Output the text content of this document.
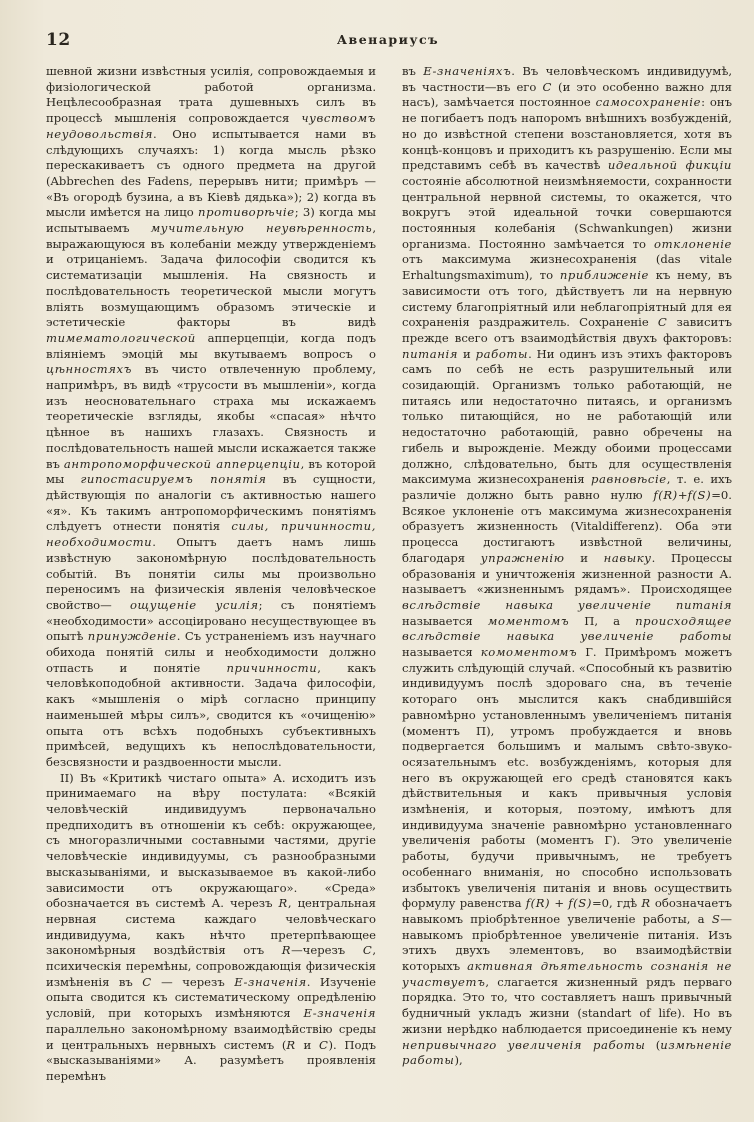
12	Авенариусъ

шевной жизни извѣстныя усилія, сопровождаемыя и физіологической работой организма. Нецѣлесообразная трата душевныхъ силъ въ процессѣ мышленія сопровождается чувствомъ неудовольствія. Оно испытывается нами въ слѣдующихъ случаяхъ: 1) когда мысль рѣзко перескакиваетъ съ одного предмета на другой (Abbrechen des Fadens, перерывъ нити; примѣръ — «Въ огородѣ бузина, а въ Кіевѣ дядька»); 2) когда въ мысли имѣется на лицо противорѣчіе; 3) когда мы испытываемъ мучительную неувѣренность, выражающуюся въ колебаніи между утвержденіемъ и отрицаніемъ. Задача философіи сводится къ систематизаціи мышленія. На связность и послѣдовательность теоретической мысли могутъ вліять возмущающимъ образомъ этическіе и эстетическіе факторы въ видѣ тимематологической апперцепціи, когда подъ вліяніемъ эмоцій мы вкутываемъ вопросъ о цѣнностяхъ въ чисто отвлеченную проблему, напримѣръ, въ видѣ «трусости въ мышленіи», когда изъ неосновательнаго страха мы искажаемъ теоретическіе взгляды, якобы «спасая» нѣчто цѣнное въ нашихъ глазахъ. Связность и послѣдовательность нашей мысли искажается также въ антропоморфической апперцепціи, въ которой мы гипостасируемъ понятія въ сущности, дѣйствующія по аналогіи съ активностью нашего «я». Къ такимъ антропоморфическимъ понятіямъ слѣдуетъ отнести понятія силы, причинности, необходимости. Опытъ даетъ намъ лишь извѣстную закономѣрную послѣдовательность событій. Въ понятіи силы мы произвольно переносимъ на физическія явленія человѣческое свойство— ощущеніе усилія; съ понятіемъ «необходимости» ассоціировано несуществующее въ опытѣ принужденіе. Съ устраненіемъ изъ научнаго обихода понятій силы и необходимости должно отпасть и понятіе причинности, какъ человѣкоподобной активности. Задача философіи, какъ «мышленія о мірѣ согласно принципу наименьшей мѣры силъ», сводится къ «очищенію» опыта отъ всѣхъ подобныхъ субъективныхъ примѣсей, ведущихъ къ непослѣдовательности, безсвязности и раздвоенности мысли.

II) Въ «Критикѣ чистаго опыта» А. исходитъ изъ принимаемаго на вѣру постулата: «Всякій человѣческій индивидуумъ первоначально предпиходитъ въ отношеніи къ себѣ: окружающее, съ многоразличными составными частями, другіе человѣческіе индивидуумы, съ разнообразными высказываніями, и высказываемое въ какой-либо зависимости отъ окружающаго». «Среда» обозначается въ системѣ А. черезъ R, центральная нервная система каждаго человѣческаго индивидуума, какъ нѣчто претерпѣвающее закономѣрныя воздѣйствія отъ R—черезъ C, психическія перемѣны, сопровождающія физическія измѣненія въ C — черезъ E-значенія. Изученіе опыта сводится къ систематическому опредѣленію условій, при которыхъ измѣняются E-значенія параллельно закономѣрному взаимодѣйствію среды и центральныхъ нервныхъ системъ (R и C). Подъ «высказываніями» А. разумѣетъ проявленія перемѣнъ

въ E-значеніяхъ. Въ человѣческомъ индивидуумѣ, въ частности—въ его C (и это особенно важно для насъ), замѣчается постоянное самосохраненіе: онъ не погибаетъ подъ напоромъ внѣшнихъ возбужденій, но до извѣстной степени возстановляется, хотя въ концѣ-концовъ и приходитъ къ разрушенію. Если мы представимъ себѣ въ качествѣ идеальной фикціи состояніе абсолютной неизмѣняемости, сохранности центральной нервной системы, то окажется, что вокругъ этой идеальной точки совершаются постоянныя колебанія (Schwankungen) жизни организма. Постоянно замѣчается то отклоненіе отъ максимума жизнесохраненія (das vitale Erhaltungsmaximum), то приближеніе къ нему, въ зависимости отъ того, дѣйствуетъ ли на нервную систему благопріятный или неблагопріятный для ея сохраненія раздражитель. Сохраненіе C зависитъ прежде всего отъ взаимодѣйствія двухъ факторовъ: питанія и работы. Ни одинъ изъ этихъ факторовъ самъ по себѣ не есть разрушительный или созидающій. Организмъ только работающій, не питаясь или недостаточно питаясь, и организмъ только питающійся, но не работающій или недостаточно работающій, равно обречены на гибель и вырожденіе. Между обоими процессами должно, слѣдовательно, быть для осуществленія максимума жизнесохраненія равновѣсіе, т. е. ихъ различіе должно быть равно нулю f(R)+f(S)=0. Всякое уклоненіе отъ максимума жизнесохраненія образуетъ жизненность (Vitaldifferenz). Оба эти процесса достигаютъ извѣстной величины, благодаря упражненію и навыку. Процессы образованія и уничтоженія жизненной разности А. называетъ «жизненнымъ рядамъ». Происходящее вслѣдствіе навыка увеличеніе питанія называется моментомъ П, а происходящее вслѣдствіе навыка увеличеніе работы называется комоментомъ Г. Примѣромъ можетъ служить слѣдующій случай. «Способный къ развитію индивидуумъ послѣ здороваго сна, въ теченіе котораго онъ мыслится какъ снабдившійся равномѣрно установленнымъ увеличеніемъ питанія (моментъ П), утромъ пробуждается и вновь подвергается большимъ и малымъ свѣто-звуко-осязательнымъ etc. возбужденіямъ, которыя для него въ окружающей его средѣ становятся какъ дѣйствительныя и какъ привычныя условія измѣненія, и которыя, поэтому, имѣютъ для индивидуума значеніе равномѣрно установленнаго увеличенія работы (моментъ Г). Это увеличеніе работы, будучи привычнымъ, не требуетъ особеннаго вниманія, но способно использовать избытокъ увеличенія питанія и вновь осуществить формулу равенства f(R) + f(S)=0, гдѣ R обозначаетъ навыкомъ пріобрѣтенное увеличеніе работы, а S—навыкомъ пріобрѣтенное увеличеніе питанія. Изъ этихъ двухъ элементовъ, во взаимодѣйствіи которыхъ активная дѣятельность сознанія не участвуетъ, слагается жизненный рядъ перваго порядка. Это то, что составляетъ нашъ привычный будничный укладъ жизни (standart of life). Но въ жизни нерѣдко наблюдается присоединеніе къ нему непривычнаго увеличенія работы (измѣненіе работы),
